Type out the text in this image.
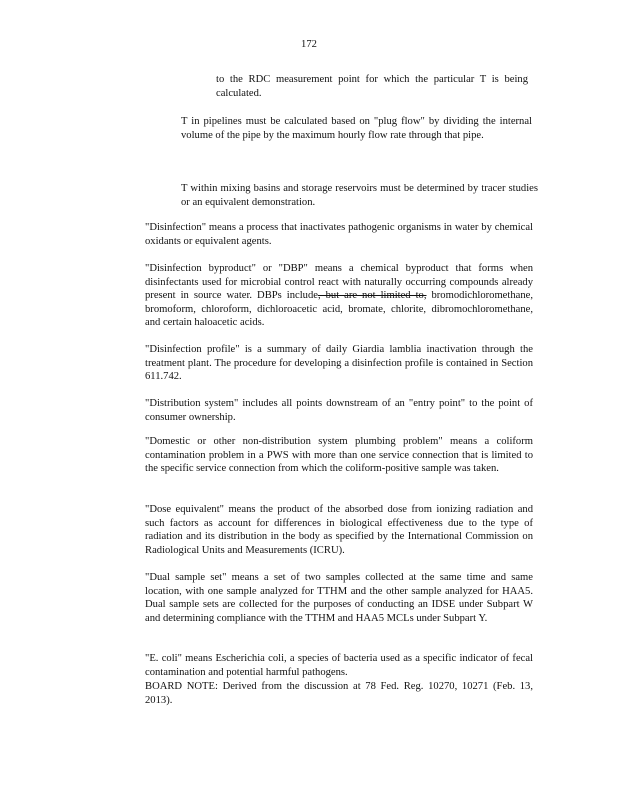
172
to the RDC measurement point for which the particular T is being calculated.
T in pipelines must be calculated based on "plug flow" by dividing the internal volume of the pipe by the maximum hourly flow rate through that pipe.
T within mixing basins and storage reservoirs must be determined by tracer studies or an equivalent demonstration.
"Disinfection" means a process that inactivates pathogenic organisms in water by chemical oxidants or equivalent agents.
"Disinfection byproduct" or "DBP" means a chemical byproduct that forms when disinfectants used for microbial control react with naturally occurring compounds already present in source water. DBPs include, but are not limited to, bromodichloromethane, bromoform, chloroform, dichloroacetic acid, bromate, chlorite, dibromochloromethane, and certain haloacetic acids.
"Disinfection profile" is a summary of daily Giardia lamblia inactivation through the treatment plant. The procedure for developing a disinfection profile is contained in Section 611.742.
"Distribution system" includes all points downstream of an "entry point" to the point of consumer ownership.
"Domestic or other non-distribution system plumbing problem" means a coliform contamination problem in a PWS with more than one service connection that is limited to the specific service connection from which the coliform-positive sample was taken.
"Dose equivalent" means the product of the absorbed dose from ionizing radiation and such factors as account for differences in biological effectiveness due to the type of radiation and its distribution in the body as specified by the International Commission on Radiological Units and Measurements (ICRU).
"Dual sample set" means a set of two samples collected at the same time and same location, with one sample analyzed for TTHM and the other sample analyzed for HAA5. Dual sample sets are collected for the purposes of conducting an IDSE under Subpart W and determining compliance with the TTHM and HAA5 MCLs under Subpart Y.
"E. coli" means Escherichia coli, a species of bacteria used as a specific indicator of fecal contamination and potential harmful pathogens.
BOARD NOTE: Derived from the discussion at 78 Fed. Reg. 10270, 10271 (Feb. 13, 2013).
